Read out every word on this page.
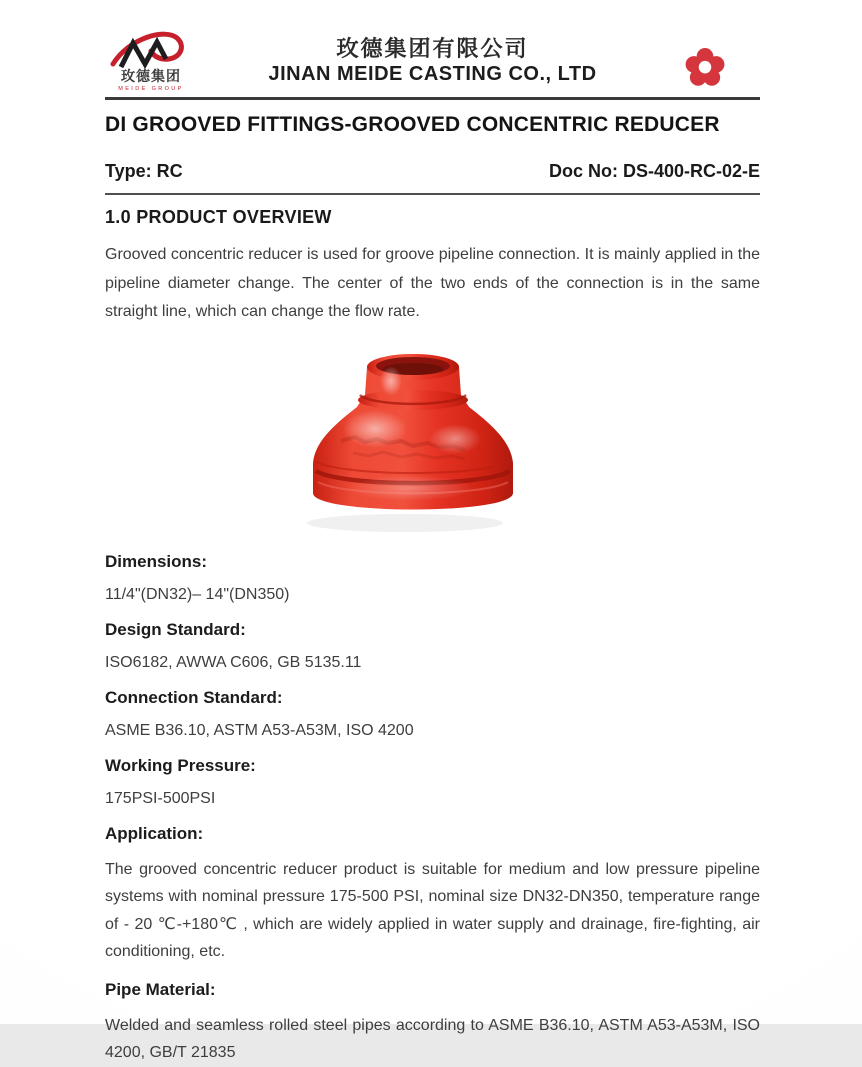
玫德集团
MEIDE GROUP
玫德集团有限公司
JINAN MEIDE CASTING CO., LTD
DI GROOVED FITTINGS-GROOVED CONCENTRIC REDUCER
Type: RC	Doc No: DS-400-RC-02-E
1.0 PRODUCT OVERVIEW

Grooved concentric reducer is used for groove pipeline connection. It is mainly applied in the pipeline diameter change. The center of the two ends of the connection is in the same straight line, which can change the flow rate.

Dimensions:
11/4"(DN32)– 14"(DN350)
Design Standard:
ISO6182, AWWA C606, GB 5135.11
Connection Standard:
ASME B36.10, ASTM A53-A53M, ISO 4200
Working Pressure:
175PSI-500PSI
Application:
The grooved concentric reducer product is suitable for medium and low pressure pipeline systems with nominal pressure 175-500 PSI, nominal size DN32-DN350, temperature range of - 20 ℃-+180℃ , which are widely applied in water supply and drainage, fire-fighting, air conditioning, etc.
Pipe Material:
Welded and seamless rolled steel pipes according to ASME B36.10, ASTM A53-A53M, ISO 4200, GB/T 21835
